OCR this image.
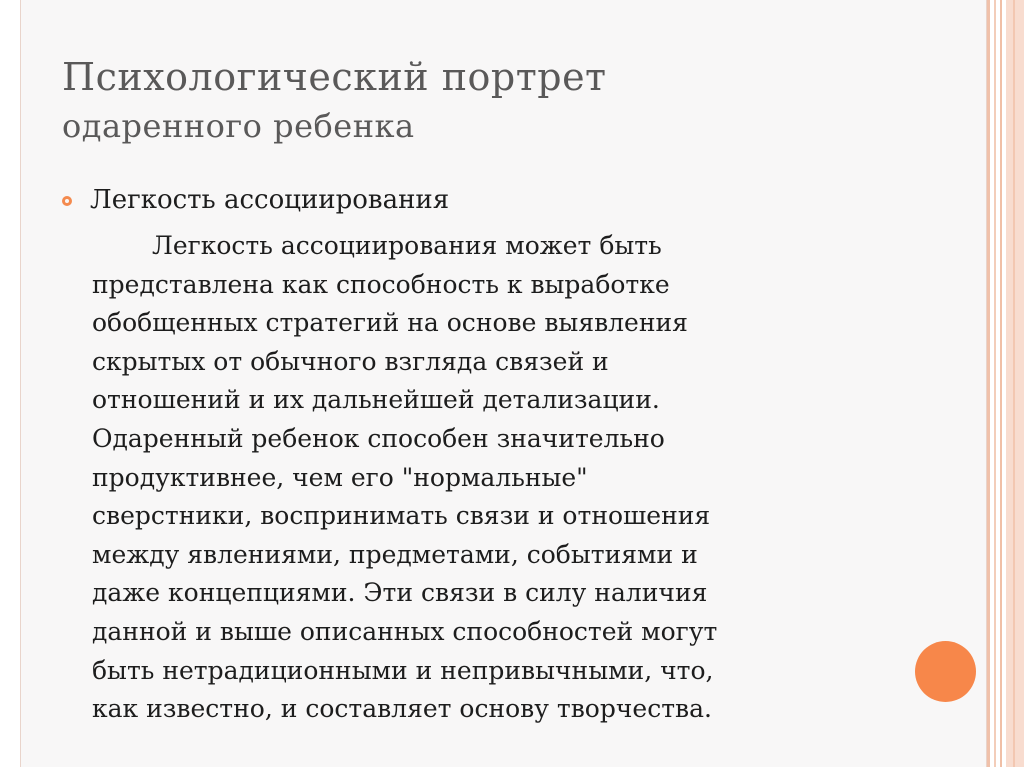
Психологический портрет
одаренного ребенка
Легкость ассоциирования
Легкость ассоциирования может быть
представлена как способность к выработке
обобщенных стратегий на основе выявления
скрытых от обычного взгляда связей и
отношений и их дальнейшей детализации.
Одаренный ребенок способен значительно
продуктивнее, чем его "нормальные"
сверстники, воспринимать связи и отношения
между явлениями, предметами, событиями и
даже концепциями. Эти связи в силу наличия
данной и выше описанных способностей могут
быть нетрадиционными и непривычными, что,
как известно, и составляет основу творчества.
